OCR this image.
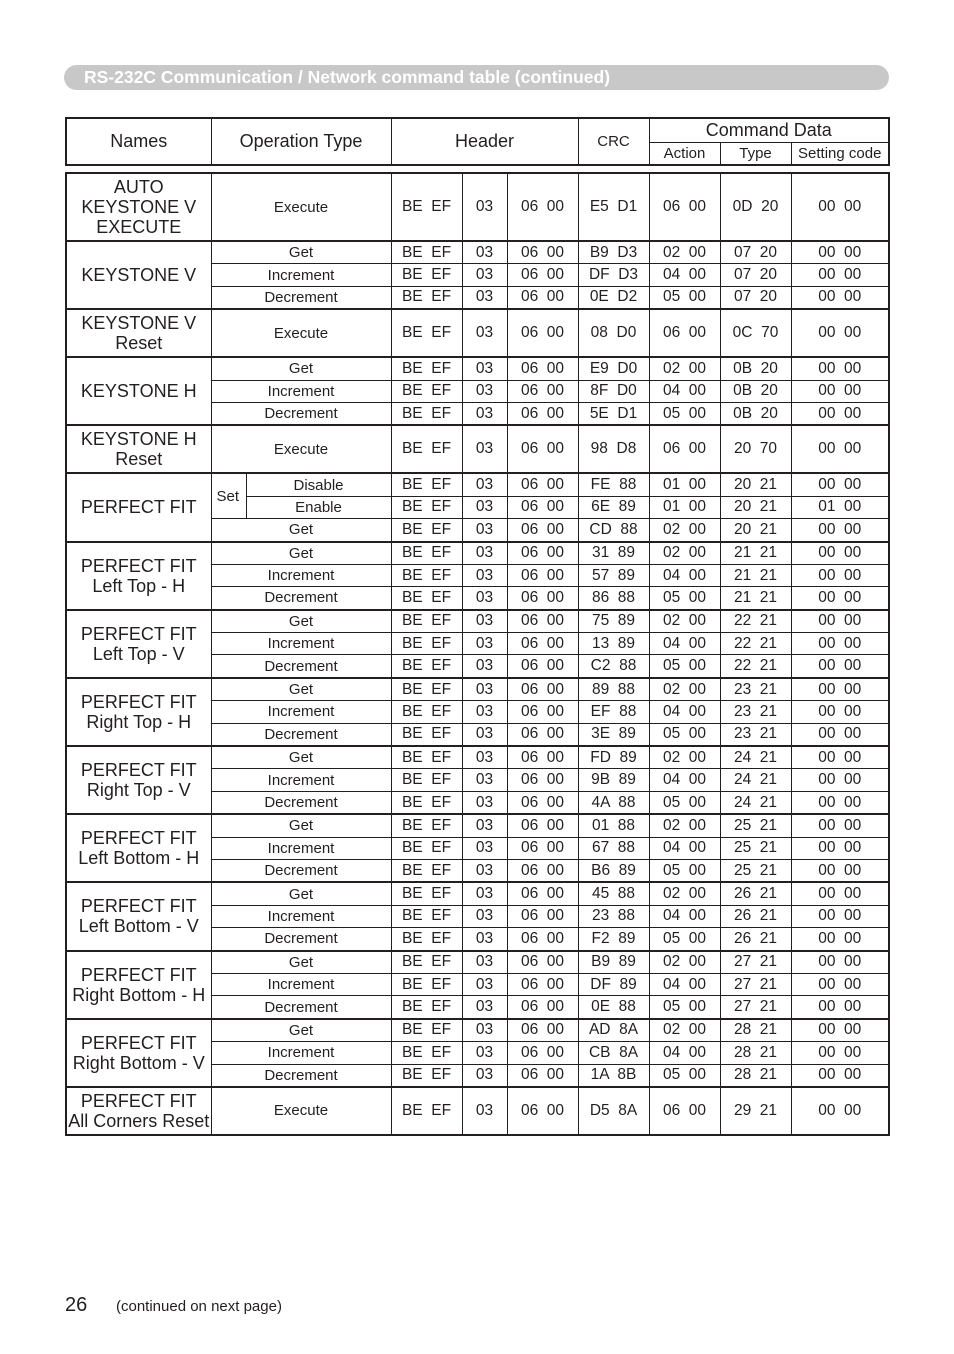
RS-232C Communication / Network command table (continued)
Names	Operation Type	Header	CRC	Command Data		
				Action	Type	Setting code
AUTO
KEYSTONE V
EXECUTE	Execute		BE  EF	03	06  00	E5  D1	06  00	0D  20	00  00

KEYSTONE V	Get		BE  EF	03	06  00	B9  D3	02  00	07  20	00  00
	Increment		BE  EF	03	06  00	DF  D3	04  00	07  20	00  00
	Decrement		BE  EF	03	06  00	0E  D2	05  00	07  20	00  00

KEYSTONE V
Reset	Execute		BE  EF	03	06  00	08  D0	06  00	0C  70	00  00

KEYSTONE H	Get		BE  EF	03	06  00	E9  D0	02  00	0B  20	00  00
	Increment		BE  EF	03	06  00	8F  D0	04  00	0B  20	00  00
	Decrement		BE  EF	03	06  00	5E  D1	05  00	0B  20	00  00

KEYSTONE H
Reset	Execute		BE  EF	03	06  00	98  D8	06  00	20  70	00  00

PERFECT FIT	Set	Disable	BE  EF	03	06  00	FE  88	01  00	20  21	00  00
		Enable	BE  EF	03	06  00	6E  89	01  00	20  21	01  00
	Get		BE  EF	03	06  00	CD  88	02  00	20  21	00  00

PERFECT FIT
Left Top - H	Get		BE  EF	03	06  00	31  89	02  00	21  21	00  00
	Increment		BE  EF	03	06  00	57  89	04  00	21  21	00  00
	Decrement		BE  EF	03	06  00	86  88	05  00	21  21	00  00

PERFECT FIT
Left Top - V	Get		BE  EF	03	06  00	75  89	02  00	22  21	00  00
	Increment		BE  EF	03	06  00	13  89	04  00	22  21	00  00
	Decrement		BE  EF	03	06  00	C2  88	05  00	22  21	00  00

PERFECT FIT
Right Top - H	Get		BE  EF	03	06  00	89  88	02  00	23  21	00  00
	Increment		BE  EF	03	06  00	EF  88	04  00	23  21	00  00
	Decrement		BE  EF	03	06  00	3E  89	05  00	23  21	00  00

PERFECT FIT
Right Top - V	Get		BE  EF	03	06  00	FD  89	02  00	24  21	00  00
	Increment		BE  EF	03	06  00	9B  89	04  00	24  21	00  00
	Decrement		BE  EF	03	06  00	4A  88	05  00	24  21	00  00

PERFECT FIT
Left Bottom - H	Get		BE  EF	03	06  00	01  88	02  00	25  21	00  00
	Increment		BE  EF	03	06  00	67  88	04  00	25  21	00  00
	Decrement		BE  EF	03	06  00	B6  89	05  00	25  21	00  00

PERFECT FIT
Left Bottom - V	Get		BE  EF	03	06  00	45  88	02  00	26  21	00  00
	Increment		BE  EF	03	06  00	23  88	04  00	26  21	00  00
	Decrement		BE  EF	03	06  00	F2  89	05  00	26  21	00  00

PERFECT FIT
Right Bottom - H	Get		BE  EF	03	06  00	B9  89	02  00	27  21	00  00
	Increment		BE  EF	03	06  00	DF  89	04  00	27  21	00  00
	Decrement		BE  EF	03	06  00	0E  88	05  00	27  21	00  00

PERFECT FIT
Right Bottom - V	Get		BE  EF	03	06  00	AD  8A	02  00	28  21	00  00
	Increment		BE  EF	03	06  00	CB  8A	04  00	28  21	00  00
	Decrement		BE  EF	03	06  00	1A  8B	05  00	28  21	00  00

PERFECT FIT
All Corners Reset	Execute		BE  EF	03	06  00	D5  8A	06  00	29  21	00  00
26 (continued on next page)
